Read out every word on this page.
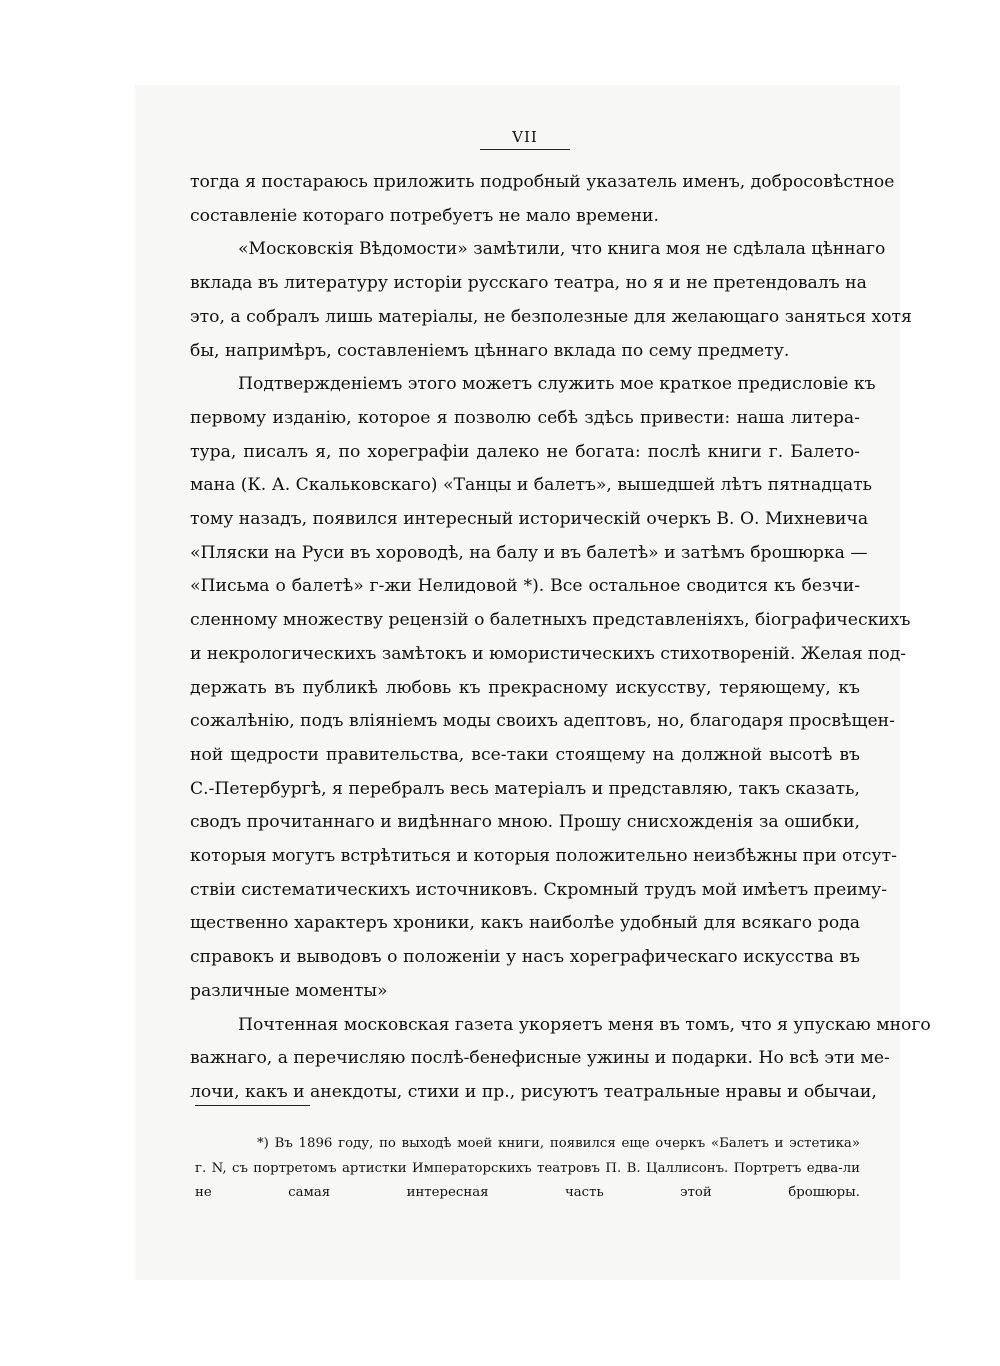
VII

тогда я постараюсь приложить подробный указатель именъ, добросовѣстное
составленіе котораго потребуетъ не мало времени.

«Московскія Вѣдомости» замѣтили, что книга моя не сдѣлала цѣннаго
вклада въ литературу исторіи русскаго театра, но я и не претендовалъ на
это, а собралъ лишь матеріалы, не безполезные для желающаго заняться хотя
бы, напримѣръ, составленіемъ цѣннаго вклада по сему предмету.

Подтвержденіемъ этого можетъ служить мое краткое предисловіе къ
первому изданію, которое я позволю себѣ здѣсь привести: наша литера-
тура, писалъ я, по хореграфіи далеко не богата: послѣ книги г. Балето-
мана (К. А. Скальковскаго) «Танцы и балетъ», вышедшей лѣтъ пятнадцать
тому назадъ, появился интересный историческій очеркъ В. О. Михневича
«Пляски на Руси въ хороводѣ, на балу и въ балетѣ» и затѣмъ брошюрка —
«Письма о балетѣ» г-жи Нелидовой *). Все остальное сводится къ безчи-
сленному множеству рецензій о балетныхъ представленіяхъ, біографическихъ
и некрологическихъ замѣтокъ и юмористическихъ стихотвореній. Желая под-
держать въ публикѣ любовь къ прекрасному искусству, теряющему, къ
сожалѣнію, подъ вліяніемъ моды своихъ адептовъ, но, благодаря просвѣщен-
ной щедрости правительства, все-таки стоящему на должной высотѣ въ
С.-Петербургѣ, я перебралъ весь матеріалъ и представляю, такъ сказать,
сводъ прочитаннаго и видѣннаго мною. Прошу снисхожденія за ошибки,
которыя могутъ встрѣтиться и которыя положительно неизбѣжны при отсут-
ствіи систематическихъ источниковъ. Скромный трудъ мой имѣетъ преиму-
щественно характеръ хроники, какъ наиболѣе удобный для всякаго рода
справокъ и выводовъ о положеніи у насъ хореграфическаго искусства въ
различные моменты»

Почтенная московская газета укоряетъ меня въ томъ, что я упускаю много
важнаго, а перечисляю послѣ-бенефисные ужины и подарки. Но всѣ эти ме-
лочи, какъ и анекдоты, стихи и пр., рисуютъ театральные нравы и обычаи,

*) Въ 1896 году, по выходѣ моей книги, появился еще очеркъ «Балетъ и эстетика»
г. N, съ портретомъ артистки Императорскихъ театровъ П. В. Цаллисонъ. Портретъ едва-ли
не самая интересная часть этой брошюры.
